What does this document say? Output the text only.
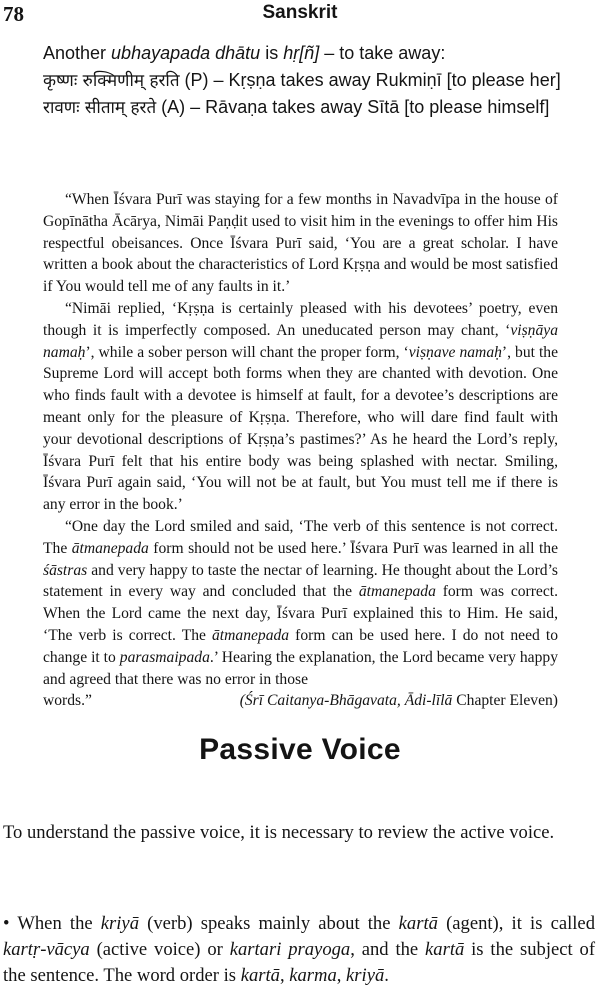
78	Sanskrit

Another ubhayapada dhātu is hṛ[ñ] – to take away:

कृष्णः रुक्मिणीम् हरति (P) – Kṛṣṇa takes away Rukmiṇī [to please her]

रावणः सीताम् हरते (A) – Rāvaṇa takes away Sītā [to please himself]

“When Īśvara Purī was staying for a few months in Navadvīpa in the house of Gopīnātha Ācārya, Nimāi Paṇḍit used to visit him in the evenings to offer him His respectful obeisances. Once Īśvara Purī said, ‘You are a great scholar. I have written a book about the characteristics of Lord Kṛṣṇa and would be most satisfied if You would tell me of any faults in it.’

“Nimāi replied, ‘Kṛṣṇa is certainly pleased with his devotees’ poetry, even though it is imperfectly composed. An uneducated person may chant, ‘viṣṇāya namaḥ’, while a sober person will chant the proper form, ‘viṣṇave namaḥ’, but the Supreme Lord will accept both forms when they are chanted with devotion. One who finds fault with a devotee is himself at fault, for a devotee’s descriptions are meant only for the pleasure of Kṛṣṇa. Therefore, who will dare find fault with your devotional descriptions of Kṛṣṇa’s pastimes?’ As he heard the Lord’s reply, Īśvara Purī felt that his entire body was being splashed with nectar. Smiling, Īśvara Purī again said, ‘You will not be at fault, but You must tell me if there is any error in the book.’

“One day the Lord smiled and said, ‘The verb of this sentence is not correct. The ātmanepada form should not be used here.’ Īśvara Purī was learned in all the śāstras and very happy to taste the nectar of learning. He thought about the Lord’s statement in every way and concluded that the ātmanepada form was correct. When the Lord came the next day, Īśvara Purī explained this to Him. He said, ‘The verb is correct. The ātmanepada form can be used here. I do not need to change it to parasmaipada.’ Hearing the explanation, the Lord became very happy and agreed that there was no error in those

words.”	(Śrī Caitanya-Bhāgavata, Ādi-līlā Chapter Eleven)
Passive Voice

To understand the passive voice, it is necessary to review the active voice.

• When the kriyā (verb) speaks mainly about the kartā (agent), it is called kartṛ-vācya (active voice) or kartari prayoga, and the kartā is the subject of the sentence. The word order is kartā, karma, kriyā.
